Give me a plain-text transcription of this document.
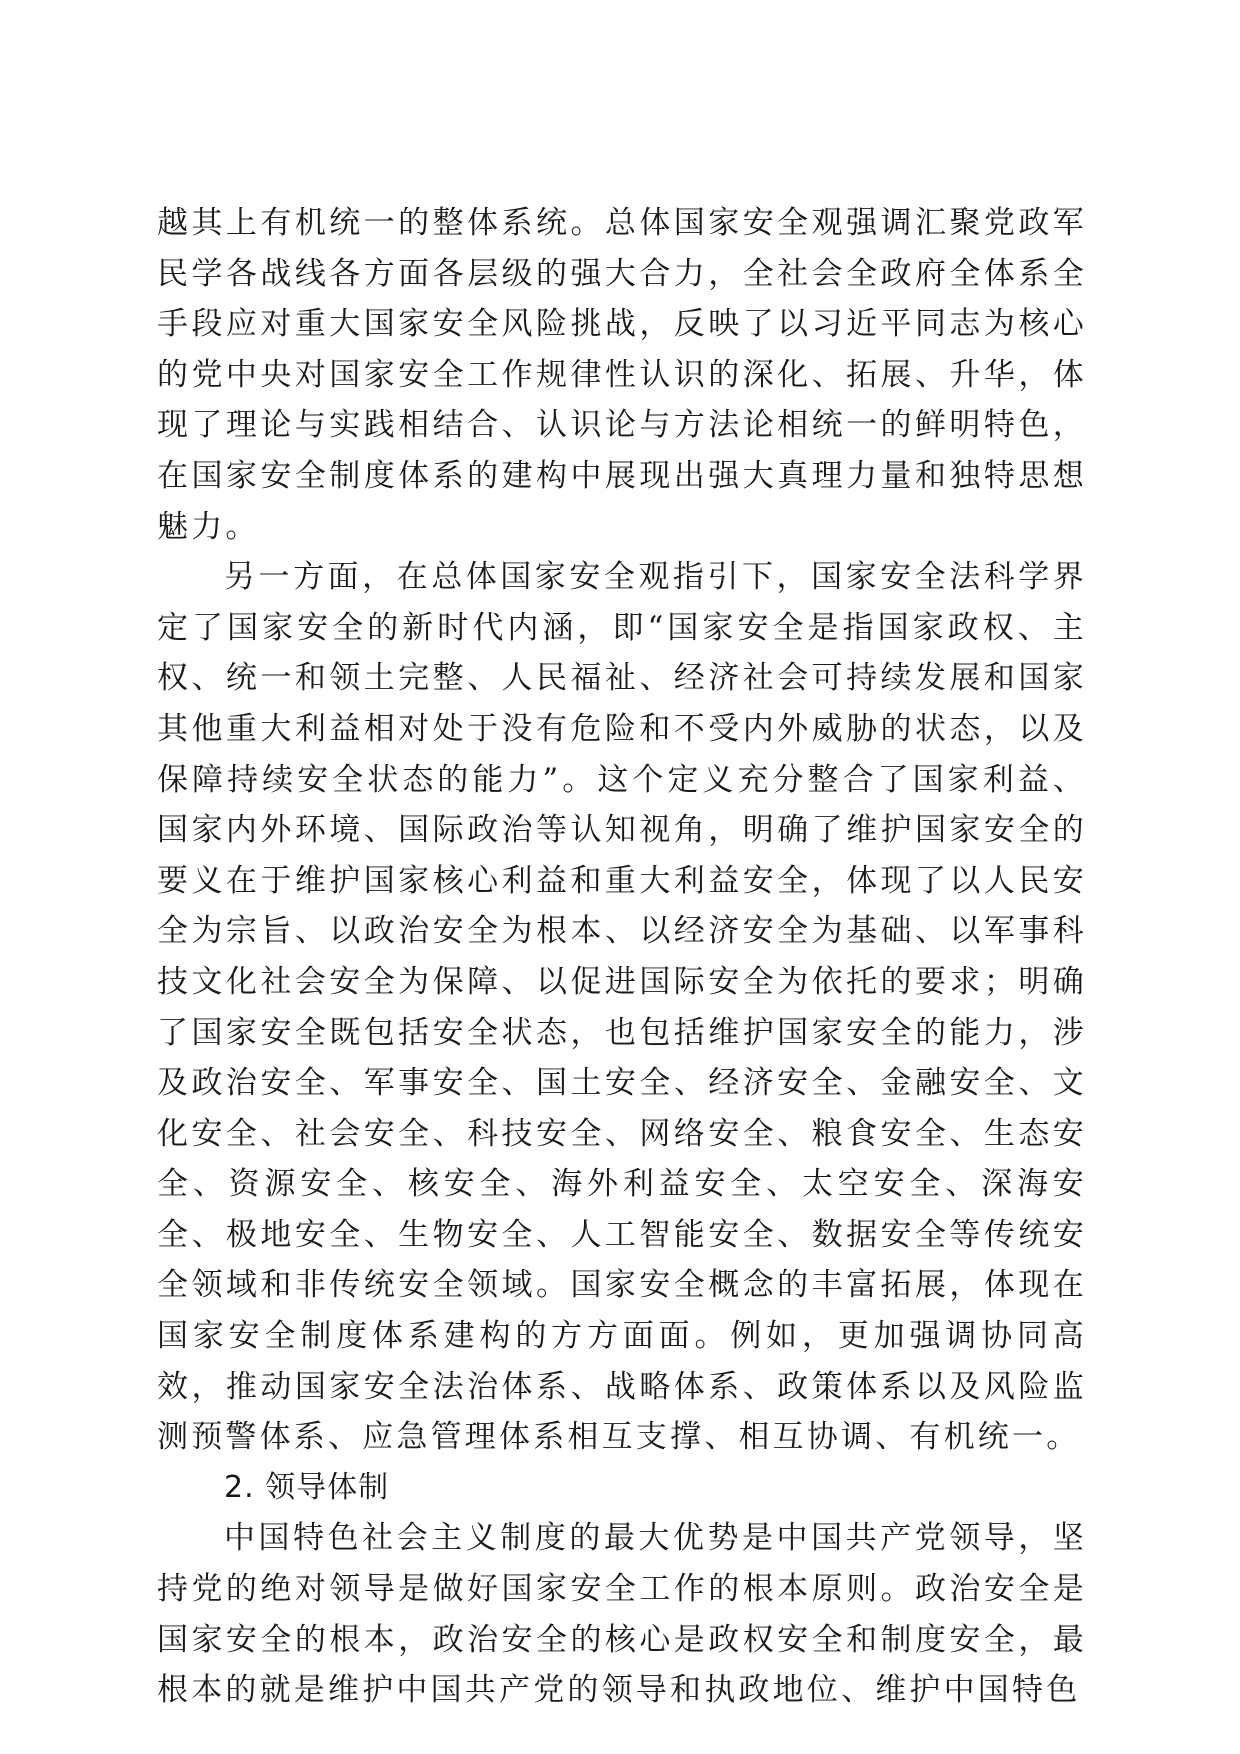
越其上有机统一的整体系统。总体国家安全观强调汇聚党政军民学各战线各方面各层级的强大合力，全社会全政府全体系全手段应对重大国家安全风险挑战，反映了以习近平同志为核心的党中央对国家安全工作规律性认识的深化、拓展、升华，体现了理论与实践相结合、认识论与方法论相统一的鲜明特色，在国家安全制度体系的建构中展现出强大真理力量和独特思想魅力。

另一方面，在总体国家安全观指引下，国家安全法科学界定了国家安全的新时代内涵，即“国家安全是指国家政权、主权、统一和领土完整、人民福祉、经济社会可持续发展和国家其他重大利益相对处于没有危险和不受内外威胁的状态，以及保障持续安全状态的能力”。这个定义充分整合了国家利益、国家内外环境、国际政治等认知视角，明确了维护国家安全的要义在于维护国家核心利益和重大利益安全，体现了以人民安全为宗旨、以政治安全为根本、以经济安全为基础、以军事科技文化社会安全为保障、以促进国际安全为依托的要求；明确了国家安全既包括安全状态，也包括维护国家安全的能力，涉及政治安全、军事安全、国土安全、经济安全、金融安全、文化安全、社会安全、科技安全、网络安全、粮食安全、生态安全、资源安全、核安全、海外利益安全、太空安全、深海安全、极地安全、生物安全、人工智能安全、数据安全等传统安全领域和非传统安全领域。国家安全概念的丰富拓展，体现在国家安全制度体系建构的方方面面。例如，更加强调协同高效，推动国家安全法治体系、战略体系、政策体系以及风险监测预警体系、应急管理体系相互支撑、相互协调、有机统一。

2. 领导体制

中国特色社会主义制度的最大优势是中国共产党领导，坚持党的绝对领导是做好国家安全工作的根本原则。政治安全是国家安全的根本，政治安全的核心是政权安全和制度安全，最根本的就是维护中国共产党的领导和执政地位、维护中国特色
